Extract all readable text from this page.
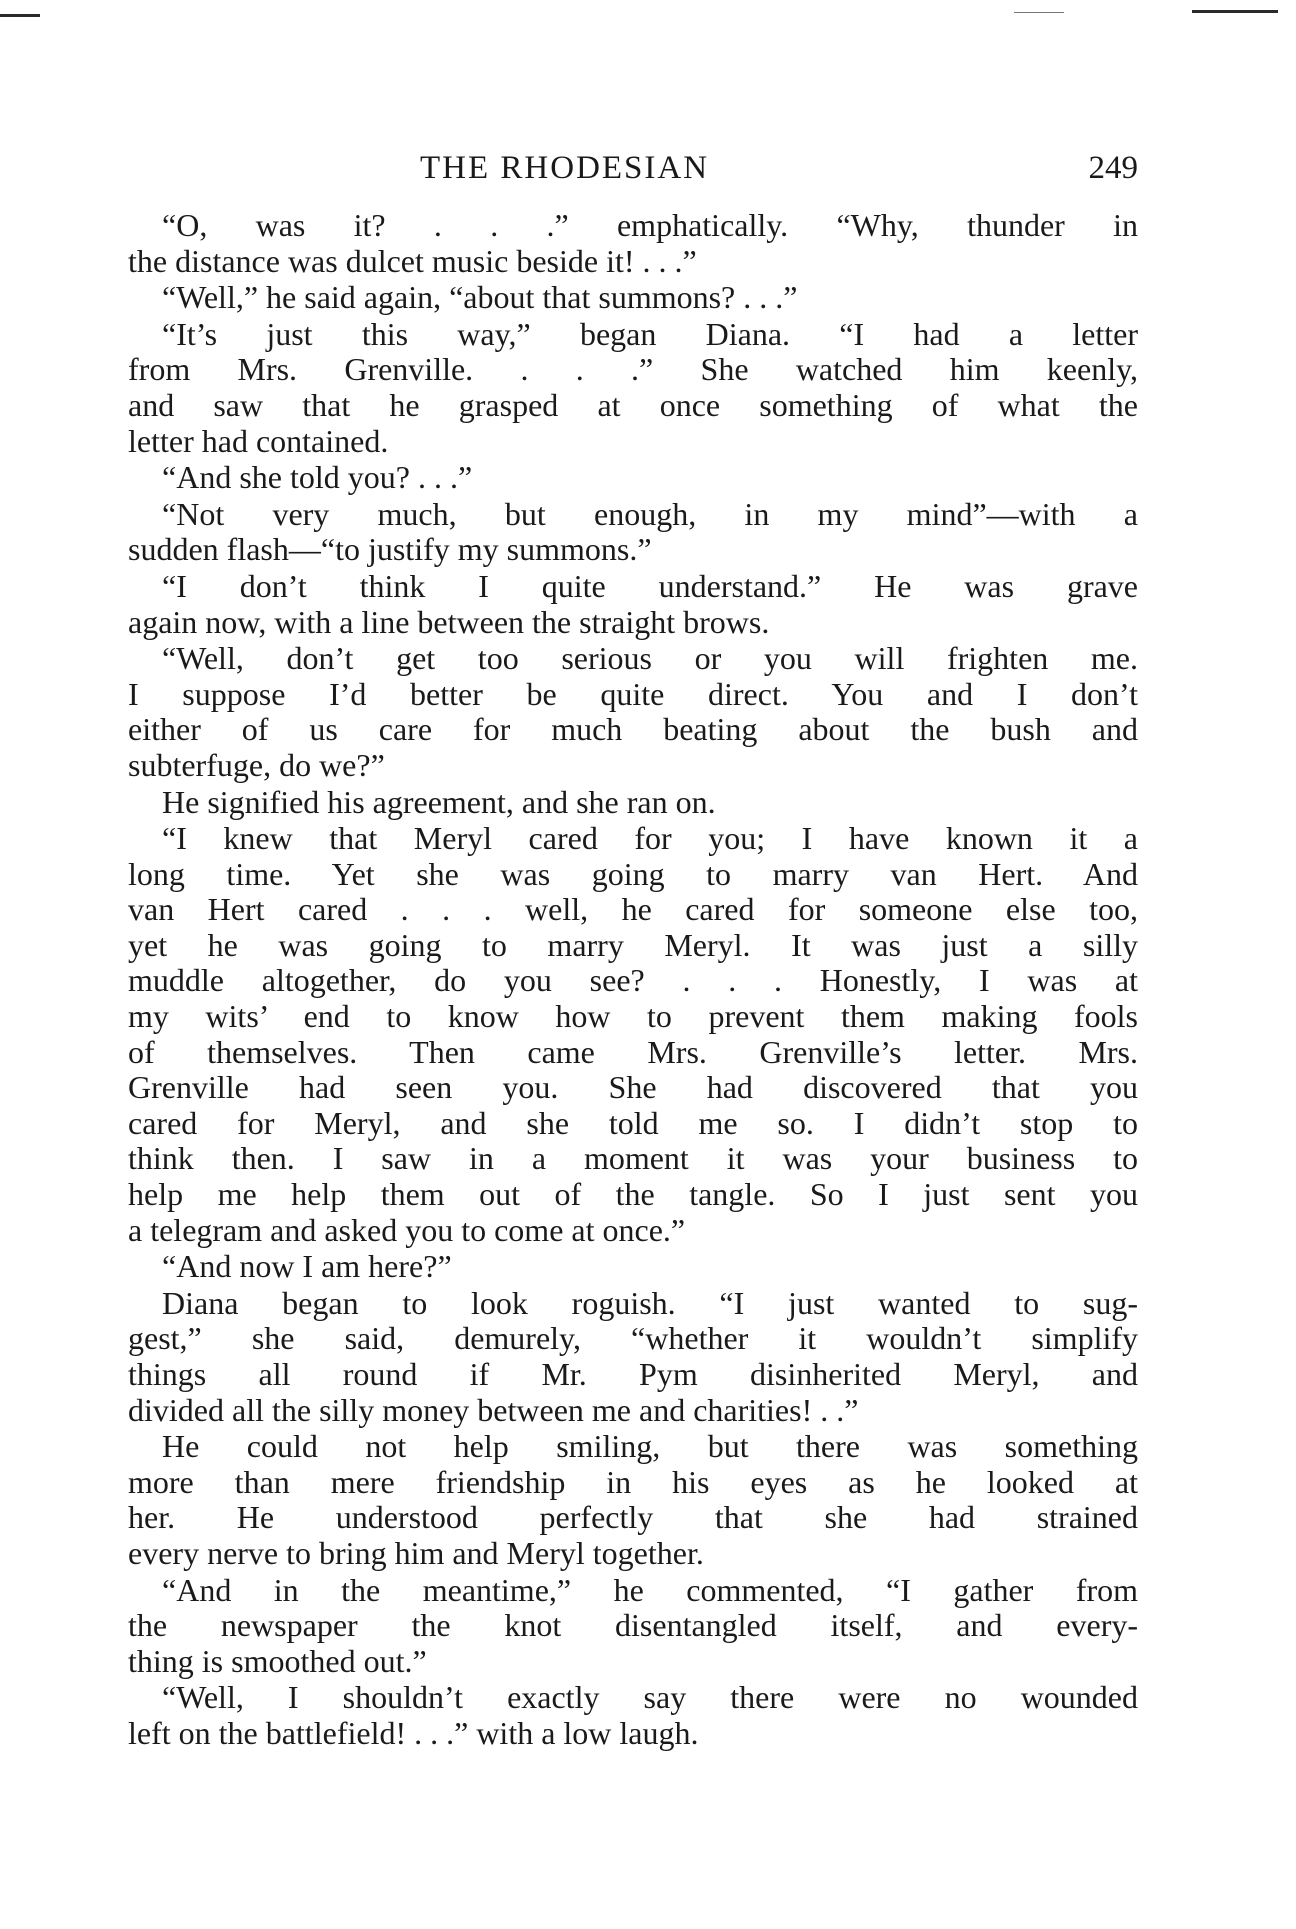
THE RHODESIAN	249
“O, was it? . . .” emphatically. “Why, thunder in
the distance was dulcet music beside it! . . .”
“Well,” he said again, “about that summons? . . .”
“It’s just this way,” began Diana. “I had a letter
from Mrs. Grenville. . . .” She watched him keenly,
and saw that he grasped at once something of what the
letter had contained.
“And she told you? . . .”
“Not very much, but enough, in my mind”—with a
sudden flash—“to justify my summons.”
“I don’t think I quite understand.” He was grave
again now, with a line between the straight brows.
“Well, don’t get too serious or you will frighten me.
I suppose I’d better be quite direct. You and I don’t
either of us care for much beating about the bush and
subterfuge, do we?”
He signified his agreement, and she ran on.
“I knew that Meryl cared for you; I have known it a
long time. Yet she was going to marry van Hert. And
van Hert cared . . . well, he cared for someone else too,
yet he was going to marry Meryl. It was just a silly
muddle altogether, do you see? . . . Honestly, I was at
my wits’ end to know how to prevent them making fools
of themselves. Then came Mrs. Grenville’s letter. Mrs.
Grenville had seen you. She had discovered that you
cared for Meryl, and she told me so. I didn’t stop to
think then. I saw in a moment it was your business to
help me help them out of the tangle. So I just sent you
a telegram and asked you to come at once.”
“And now I am here?”
Diana began to look roguish. “I just wanted to sug-
gest,” she said, demurely, “whether it wouldn’t simplify
things all round if Mr. Pym disinherited Meryl, and
divided all the silly money between me and charities! . .”
He could not help smiling, but there was something
more than mere friendship in his eyes as he looked at
her. He understood perfectly that she had strained
every nerve to bring him and Meryl together.
“And in the meantime,” he commented, “I gather from
the newspaper the knot disentangled itself, and every-
thing is smoothed out.”
“Well, I shouldn’t exactly say there were no wounded
left on the battlefield! . . .” with a low laugh.
